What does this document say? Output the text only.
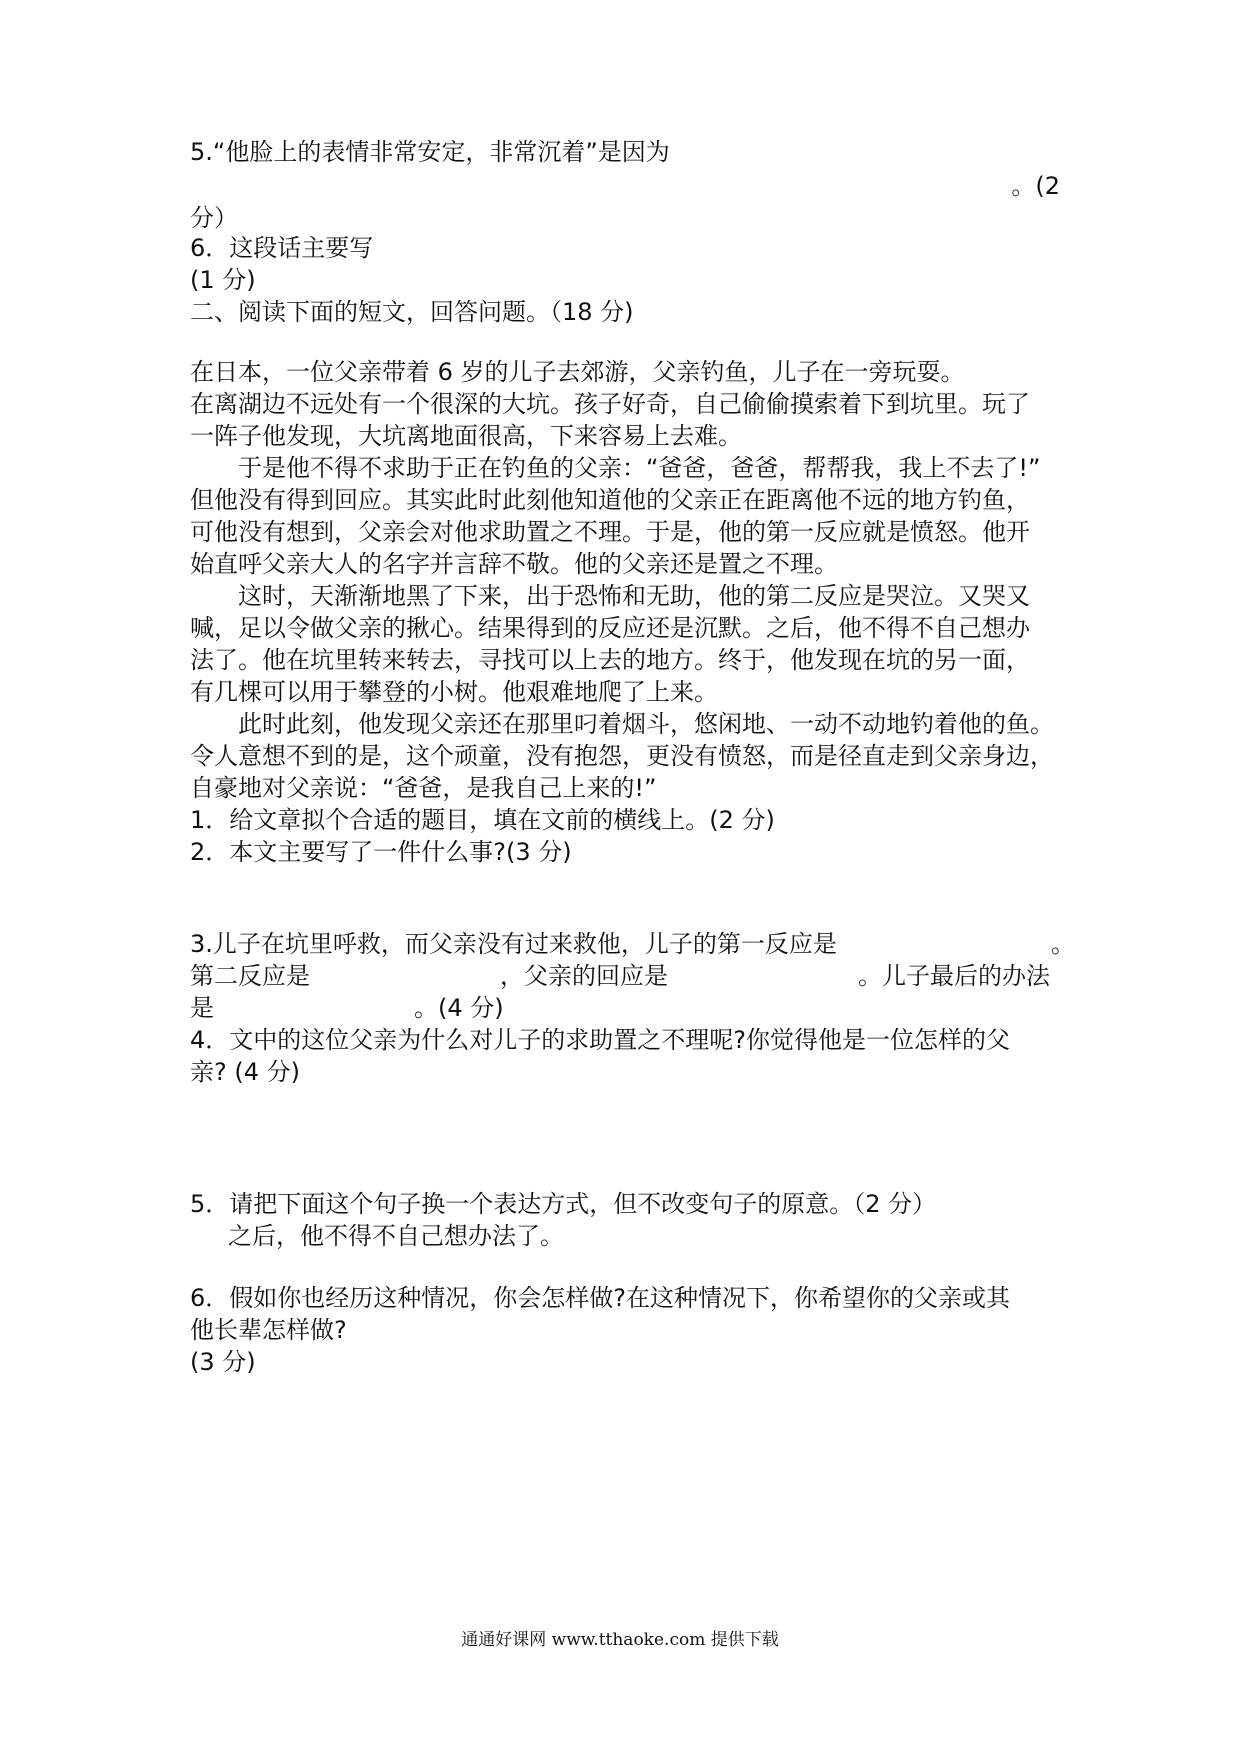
5.“他脸上的表情非常安定，非常沉着”是因为
。(2
分）
6．这段话主要写
(1 分)
二、阅读下面的短文，回答问题。（18 分)
在日本，一位父亲带着 6 岁的儿子去郊游，父亲钓鱼，儿子在一旁玩耍。
在离湖边不远处有一个很深的大坑。孩子好奇，自己偷偷摸索着下到坑里。玩了
一阵子他发现，大坑离地面很高，下来容易上去难。
于是他不得不求助于正在钓鱼的父亲：“爸爸，爸爸，帮帮我，我上不去了!”
但他没有得到回应。其实此时此刻他知道他的父亲正在距离他不远的地方钓鱼，
可他没有想到，父亲会对他求助置之不理。于是，他的第一反应就是愤怒。他开
始直呼父亲大人的名字并言辞不敬。他的父亲还是置之不理。
这时，天渐渐地黑了下来，出于恐怖和无助，他的第二反应是哭泣。又哭又
喊，足以令做父亲的揪心。结果得到的反应还是沉默。之后，他不得不自己想办
法了。他在坑里转来转去，寻找可以上去的地方。终于，他发现在坑的另一面，
有几棵可以用于攀登的小树。他艰难地爬了上来。
此时此刻，他发现父亲还在那里叼着烟斗，悠闲地、一动不动地钓着他的鱼。
令人意想不到的是，这个顽童，没有抱怨，更没有愤怒，而是径直走到父亲身边，
自豪地对父亲说：“爸爸，是我自己上来的!”
1．给文章拟个合适的题目，填在文前的横线上。(2 分)
2．本文主要写了一件什么事?(3 分)
3.儿子在坑里呼救，而父亲没有过来救他，儿子的第一反应是	。
第二反应是	，父亲的回应是	。儿子最后的办法
是	。(4 分)
4．文中的这位父亲为什么对儿子的求助置之不理呢?你觉得他是一位怎样的父
亲? (4 分)
5．请把下面这个句子换一个表达方式，但不改变句子的原意。（2 分）
之后，他不得不自己想办法了。
6．假如你也经历这种情况，你会怎样做?在这种情况下，你希望你的父亲或其
他长辈怎样做?
(3 分)
通通好课网 www.tthaoke.com 提供下载
